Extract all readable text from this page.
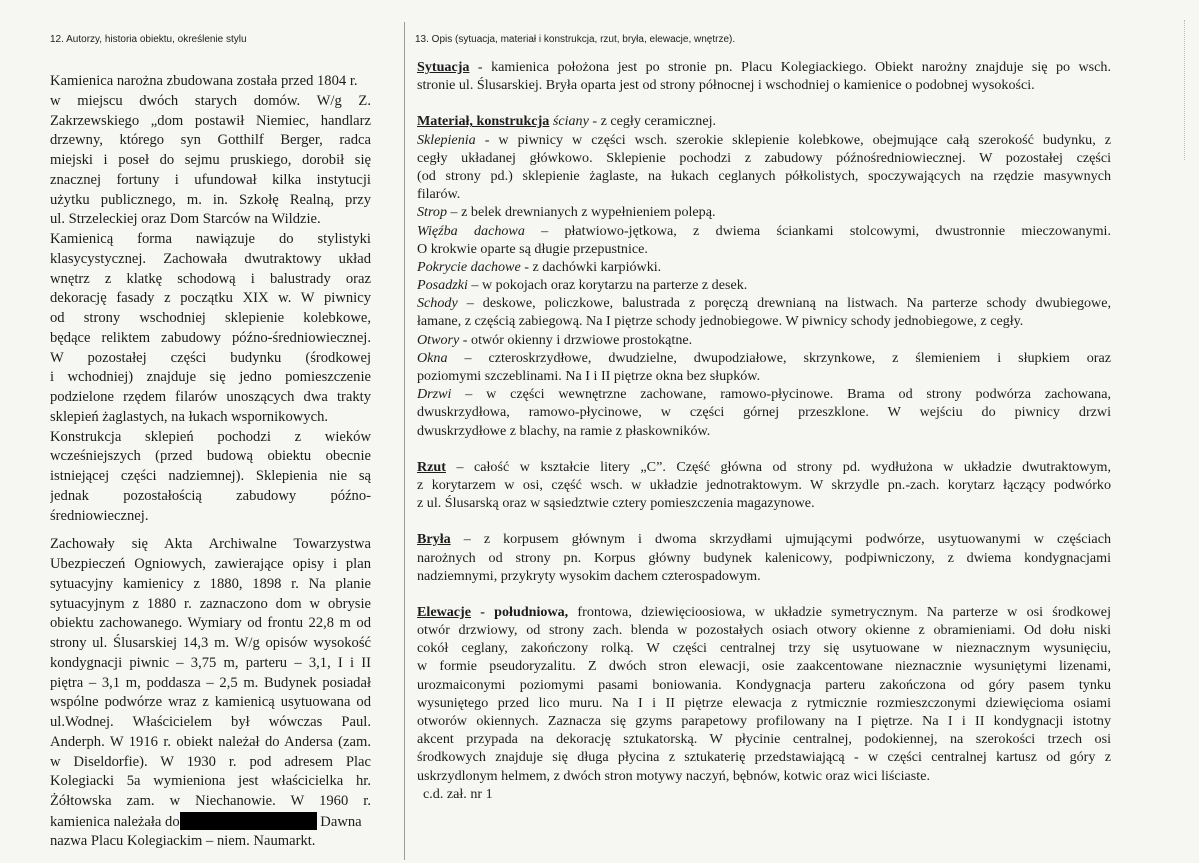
12. Autorzy, historia obiektu, określenie stylu	13. Opis (sytuacja, materiał i konstrukcja, rzut, bryła, elewacje, wnętrze).
Kamienica narożna zbudowana została przed 1804 r.
w miejscu dwóch starych domów. W/g Z.
Zakrzewskiego „dom postawił Niemiec, handlarz
drzewny, którego syn Gotthilf Berger, radca
miejski i poseł do sejmu pruskiego, dorobił się
znacznej fortuny i ufundował kilka instytucji
użytku publicznego, m. in. Szkołę Realną, przy
ul. Strzeleckiej oraz Dom Starców na Wildzie.
Kamienicą forma nawiązuje do stylistyki
klasycystycznej. Zachowała dwutraktowy układ
wnętrz z klatkę schodową i balustrady oraz
dekorację fasady z początku XIX w. W piwnicy
od strony wschodniej sklepienie kolebkowe,
będące reliktem zabudowy późno-średniowiecznej.
W pozostałej części budynku (środkowej
i wchodniej) znajduje się jedno pomieszczenie
podzielone rzędem filarów unoszących dwa trakty
sklepień żaglastych, na łukach wspornikowych.
Konstrukcja sklepień pochodzi z wieków
wcześniejszych (przed budową obiektu obecnie
istniejącej części nadziemnej). Sklepienia nie są
jednak pozostałością zabudowy późno-
średniowiecznej.
Zachowały się Akta Archiwalne Towarzystwa
Ubezpieczeń Ogniowych, zawierające opisy i plan
sytuacyjny kamienicy z 1880, 1898 r. Na planie
sytuacyjnym z 1880 r. zaznaczono dom w obrysie
obiektu zachowanego. Wymiary od frontu 22,8 m od
strony ul. Ślusarskiej 14,3 m. W/g opisów wysokość
kondygnacji piwnic – 3,75 m, parteru – 3,1, I i II
piętra – 3,1 m, poddasza – 2,5 m. Budynek posiadał
wspólne podwórze wraz z kamienicą usytuowana od
ul.Wodnej. Właścicielem był wówczas Paul.
Anderph. W 1916 r. obiekt należał do Andersa (zam.
w Diseldorfie). W 1930 r. pod adresem Plac
Kolegiacki 5a wymieniona jest właścicielka hr.
Żółtowska zam. w Niechanowie. W 1960 r.
kamienica należała do	Dawna
nazwa Placu Kolegiackim – niem. Naumarkt.
Sytuacja - kamienica położona jest po stronie pn. Placu Kolegiackiego. Obiekt narożny znajduje się po wsch.
stronie ul. Ślusarskiej. Bryła oparta jest od strony północnej i wschodniej o kamienice o podobnej wysokości.
Materiał, konstrukcja ściany - z cegły ceramicznej.
Sklepienia - w piwnicy w części wsch. szerokie sklepienie kolebkowe, obejmujące całą szerokość budynku, z
cegły układanej główkowo. Sklepienie pochodzi z zabudowy późnośredniowiecznej. W pozostałej części
(od strony pd.) sklepienie żaglaste, na łukach ceglanych półkolistych, spoczywających na rzędzie masywnych
filarów.
Strop – z belek drewnianych z wypełnieniem polepą.
Więźba dachowa – płatwiowo-jętkowa, z dwiema ściankami stolcowymi, dwustronnie mieczowanymi.
O krokwie oparte są długie przepustnice.
Pokrycie dachowe - z dachówki karpiówki.
Posadzki – w pokojach oraz korytarzu na parterze z desek.
Schody – deskowe, policzkowe, balustrada z poręczą drewnianą na listwach. Na parterze schody dwubiegowe,
łamane, z częścią zabiegową. Na I piętrze schody jednobiegowe. W piwnicy schody jednobiegowe, z cegły.
Otwory - otwór okienny i drzwiowe prostokątne.
Okna – czteroskrzydłowe, dwudzielne, dwupodziałowe, skrzynkowe, z ślemieniem i słupkiem oraz
poziomymi szczeblinami. Na I i II piętrze okna bez słupków.
Drzwi – w części wewnętrzne zachowane, ramowo-płycinowe. Brama od strony podwórza zachowana,
dwuskrzydłowa, ramowo-płycinowe, w części górnej przeszklone. W wejściu do piwnicy drzwi
dwuskrzydłowe z blachy, na ramie z płaskowników.
Rzut – całość w kształcie litery „C”. Część główna od strony pd. wydłużona w układzie dwutraktowym,
z korytarzem w osi, część wsch. w układzie jednotraktowym. W skrzydle pn.-zach. korytarz łączący podwórko
z ul. Ślusarską oraz w sąsiedztwie cztery pomieszczenia magazynowe.
Bryła – z korpusem głównym i dwoma skrzydłami ujmującymi podwórze, usytuowanymi w częściach
narożnych od strony pn. Korpus główny budynek kalenicowy, podpiwniczony, z dwiema kondygnacjami
nadziemnymi, przykryty wysokim dachem czterospadowym.
Elewacje - południowa, frontowa, dziewięcioosiowa, w układzie symetrycznym. Na parterze w osi środkowej
otwór drzwiowy, od strony zach. blenda w pozostałych osiach otwory okienne z obramieniami. Od dołu niski
cokół ceglany, zakończony rolką. W części centralnej trzy się usytuowane w nieznacznym wysunięciu,
w formie pseudoryzalitu. Z dwóch stron elewacji, osie zaakcentowane nieznacznie wysuniętymi lizenami,
urozmaiconymi poziomymi pasami boniowania. Kondygnacja parteru zakończona od góry pasem tynku
wysuniętego przed lico muru. Na I i II piętrze elewacja z rytmicznie rozmieszczonymi dziewięcioma osiami
otworów okiennych. Zaznacza się gzyms parapetowy profilowany na I piętrze. Na I i II kondygnacji istotny
akcent przypada na dekorację sztukatorską. W płycinie centralnej, podokiennej, na szerokości trzech osi
środkowych znajduje się długa płycina z sztukaterię przedstawiającą - w części centralnej kartusz od góry z
uskrzydlonym helmem, z dwóch stron motywy naczyń, bębnów, kotwic oraz wici liściaste.
c.d. zał. nr 1
